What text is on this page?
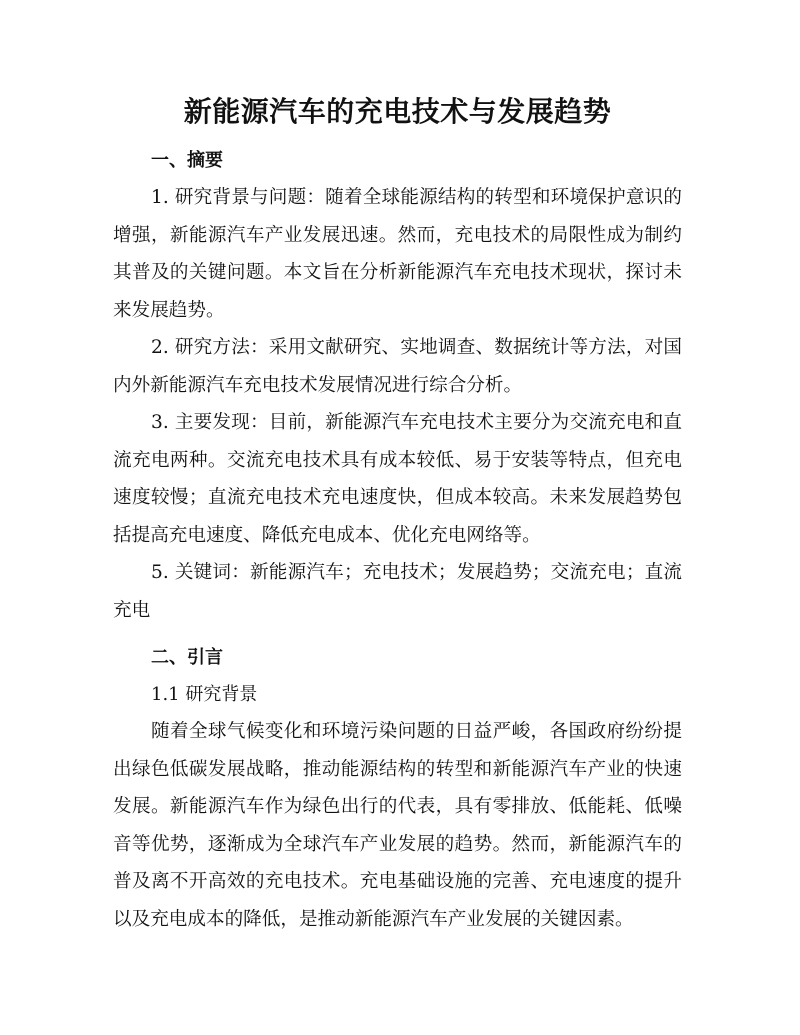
新能源汽车的充电技术与发展趋势
一、摘要

1. 研究背景与问题：随着全球能源结构的转型和环境保护意识的增强，新能源汽车产业发展迅速。然而，充电技术的局限性成为制约其普及的关键问题。本文旨在分析新能源汽车充电技术现状，探讨未来发展趋势。

2. 研究方法：采用文献研究、实地调查、数据统计等方法，对国内外新能源汽车充电技术发展情况进行综合分析。

3. 主要发现：目前，新能源汽车充电技术主要分为交流充电和直流充电两种。交流充电技术具有成本较低、易于安装等特点，但充电速度较慢；直流充电技术充电速度快，但成本较高。未来发展趋势包括提高充电速度、降低充电成本、优化充电网络等。

5. 关键词：新能源汽车；充电技术；发展趋势；交流充电；直流充电

二、引言
1.1 研究背景

随着全球气候变化和环境污染问题的日益严峻，各国政府纷纷提出绿色低碳发展战略，推动能源结构的转型和新能源汽车产业的快速发展。新能源汽车作为绿色出行的代表，具有零排放、低能耗、低噪音等优势，逐渐成为全球汽车产业发展的趋势。然而，新能源汽车的普及离不开高效的充电技术。充电基础设施的完善、充电速度的提升以及充电成本的降低，是推动新能源汽车产业发展的关键因素。
